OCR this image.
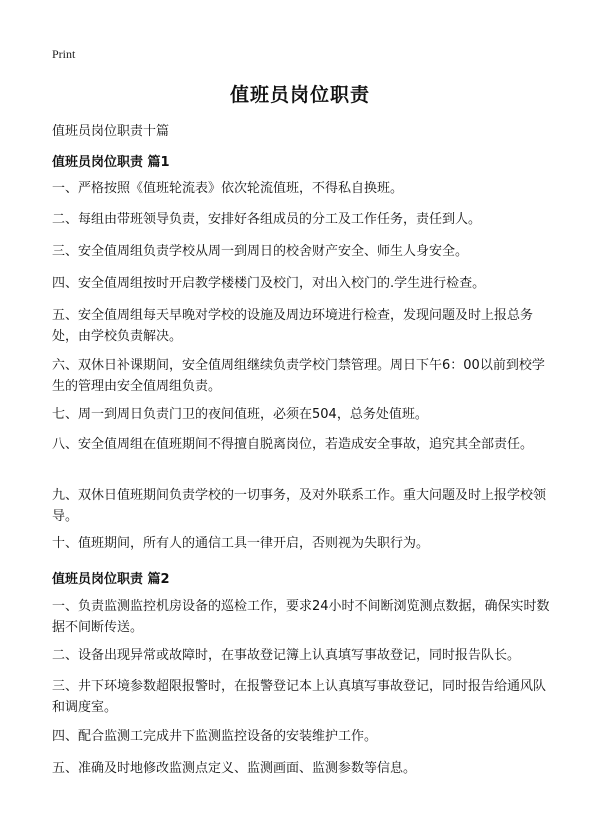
Print
值班员岗位职责
值班员岗位职责十篇
值班员岗位职责 篇1

一、严格按照《值班轮流表》依次轮流值班，不得私自换班。

二、每组由带班领导负责，安排好各组成员的分工及工作任务，责任到人。

三、安全值周组负责学校从周一到周日的校舍财产安全、师生人身安全。

四、安全值周组按时开启教学楼楼门及校门，对出入校门的.学生进行检查。

五、安全值周组每天早晚对学校的设施及周边环境进行检查，发现问题及时上报总务处，由学校负责解决。

六、双休日补课期间，安全值周组继续负责学校门禁管理。周日下午6：00以前到校学生的管理由安全值周组负责。

七、周一到周日负责门卫的夜间值班，必须在504，总务处值班。

八、安全值周组在值班期间不得擅自脱离岗位，若造成安全事故，追究其全部责任。

九、双休日值班期间负责学校的一切事务，及对外联系工作。重大问题及时上报学校领导。

十、值班期间，所有人的通信工具一律开启，否则视为失职行为。

值班员岗位职责 篇2

一、负责监测监控机房设备的巡检工作，要求24小时不间断浏览测点数据，确保实时数据不间断传送。

二、设备出现异常或故障时，在事故登记簿上认真填写事故登记，同时报告队长。

三、井下环境参数超限报警时，在报警登记本上认真填写事故登记，同时报告给通风队和调度室。

四、配合监测工完成井下监测监控设备的安装维护工作。

五、准确及时地修改监测点定义、监测画面、监测参数等信息。
